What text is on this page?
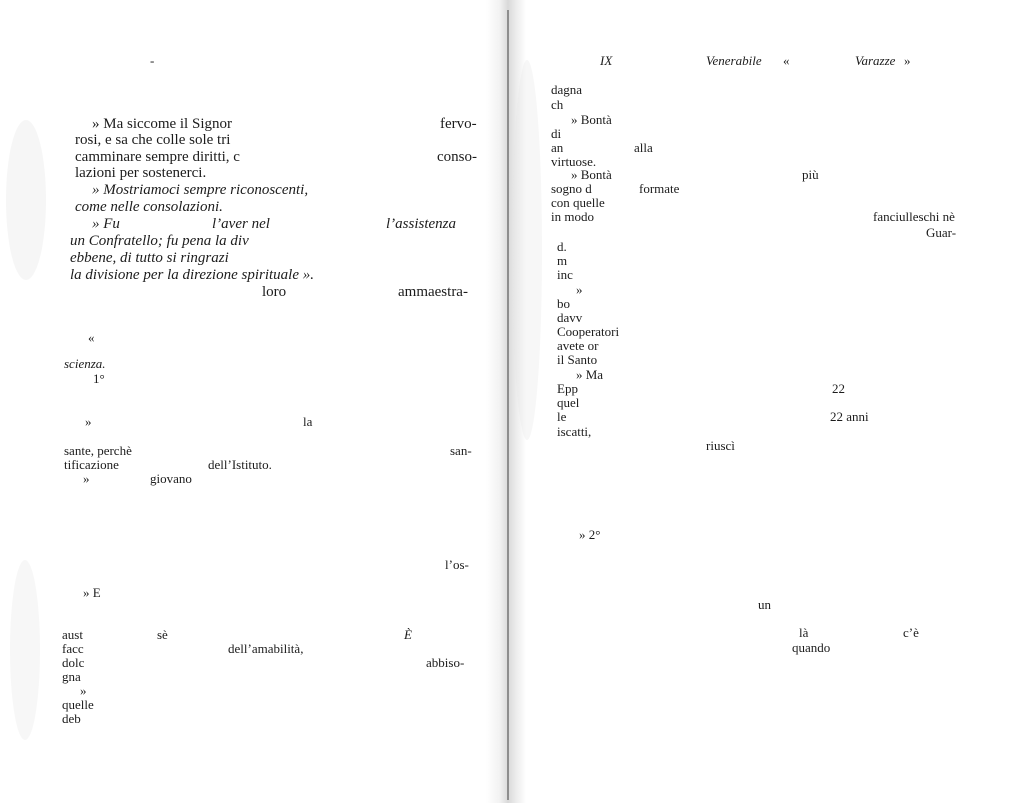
-
» Ma siccome il Signor	fervo-
rosi, e sa che colle sole tri
camminare sempre diritti, c	conso-
lazioni per sostenerci.
» Mostriamoci sempre riconoscenti,
come nelle consolazioni.
» Fu	l’aver nel	l’assistenza
un Confratello; fu pena la div
ebbene, di tutto si ringrazi
la divisione per la direzione spirituale ».
loro	ammaestra-
«
scienza.
1°
»	la
sante, perchè	san-
tificazione	dell’Istituto.
»	giovano
l’os-
» E
aust	sè	È
facc	dell’amabilità,
abbiso-
dolc
gna
»
quelle
deb
IX	Venerabile «	Varazze »
dagna
ch
» Bontà
di
an	alla
virtuose.
» Bontà	più
sogno d	formate
con quelle
in modo	fanciulleschi nè
Guar-
d.
m
inc
»
bo
davv
Cooperatori
avete or
il Santo
» Ma
Epp	22
quel
le	22 anni
iscatti,
riuscì
» 2°
un
là	c’è
quando
